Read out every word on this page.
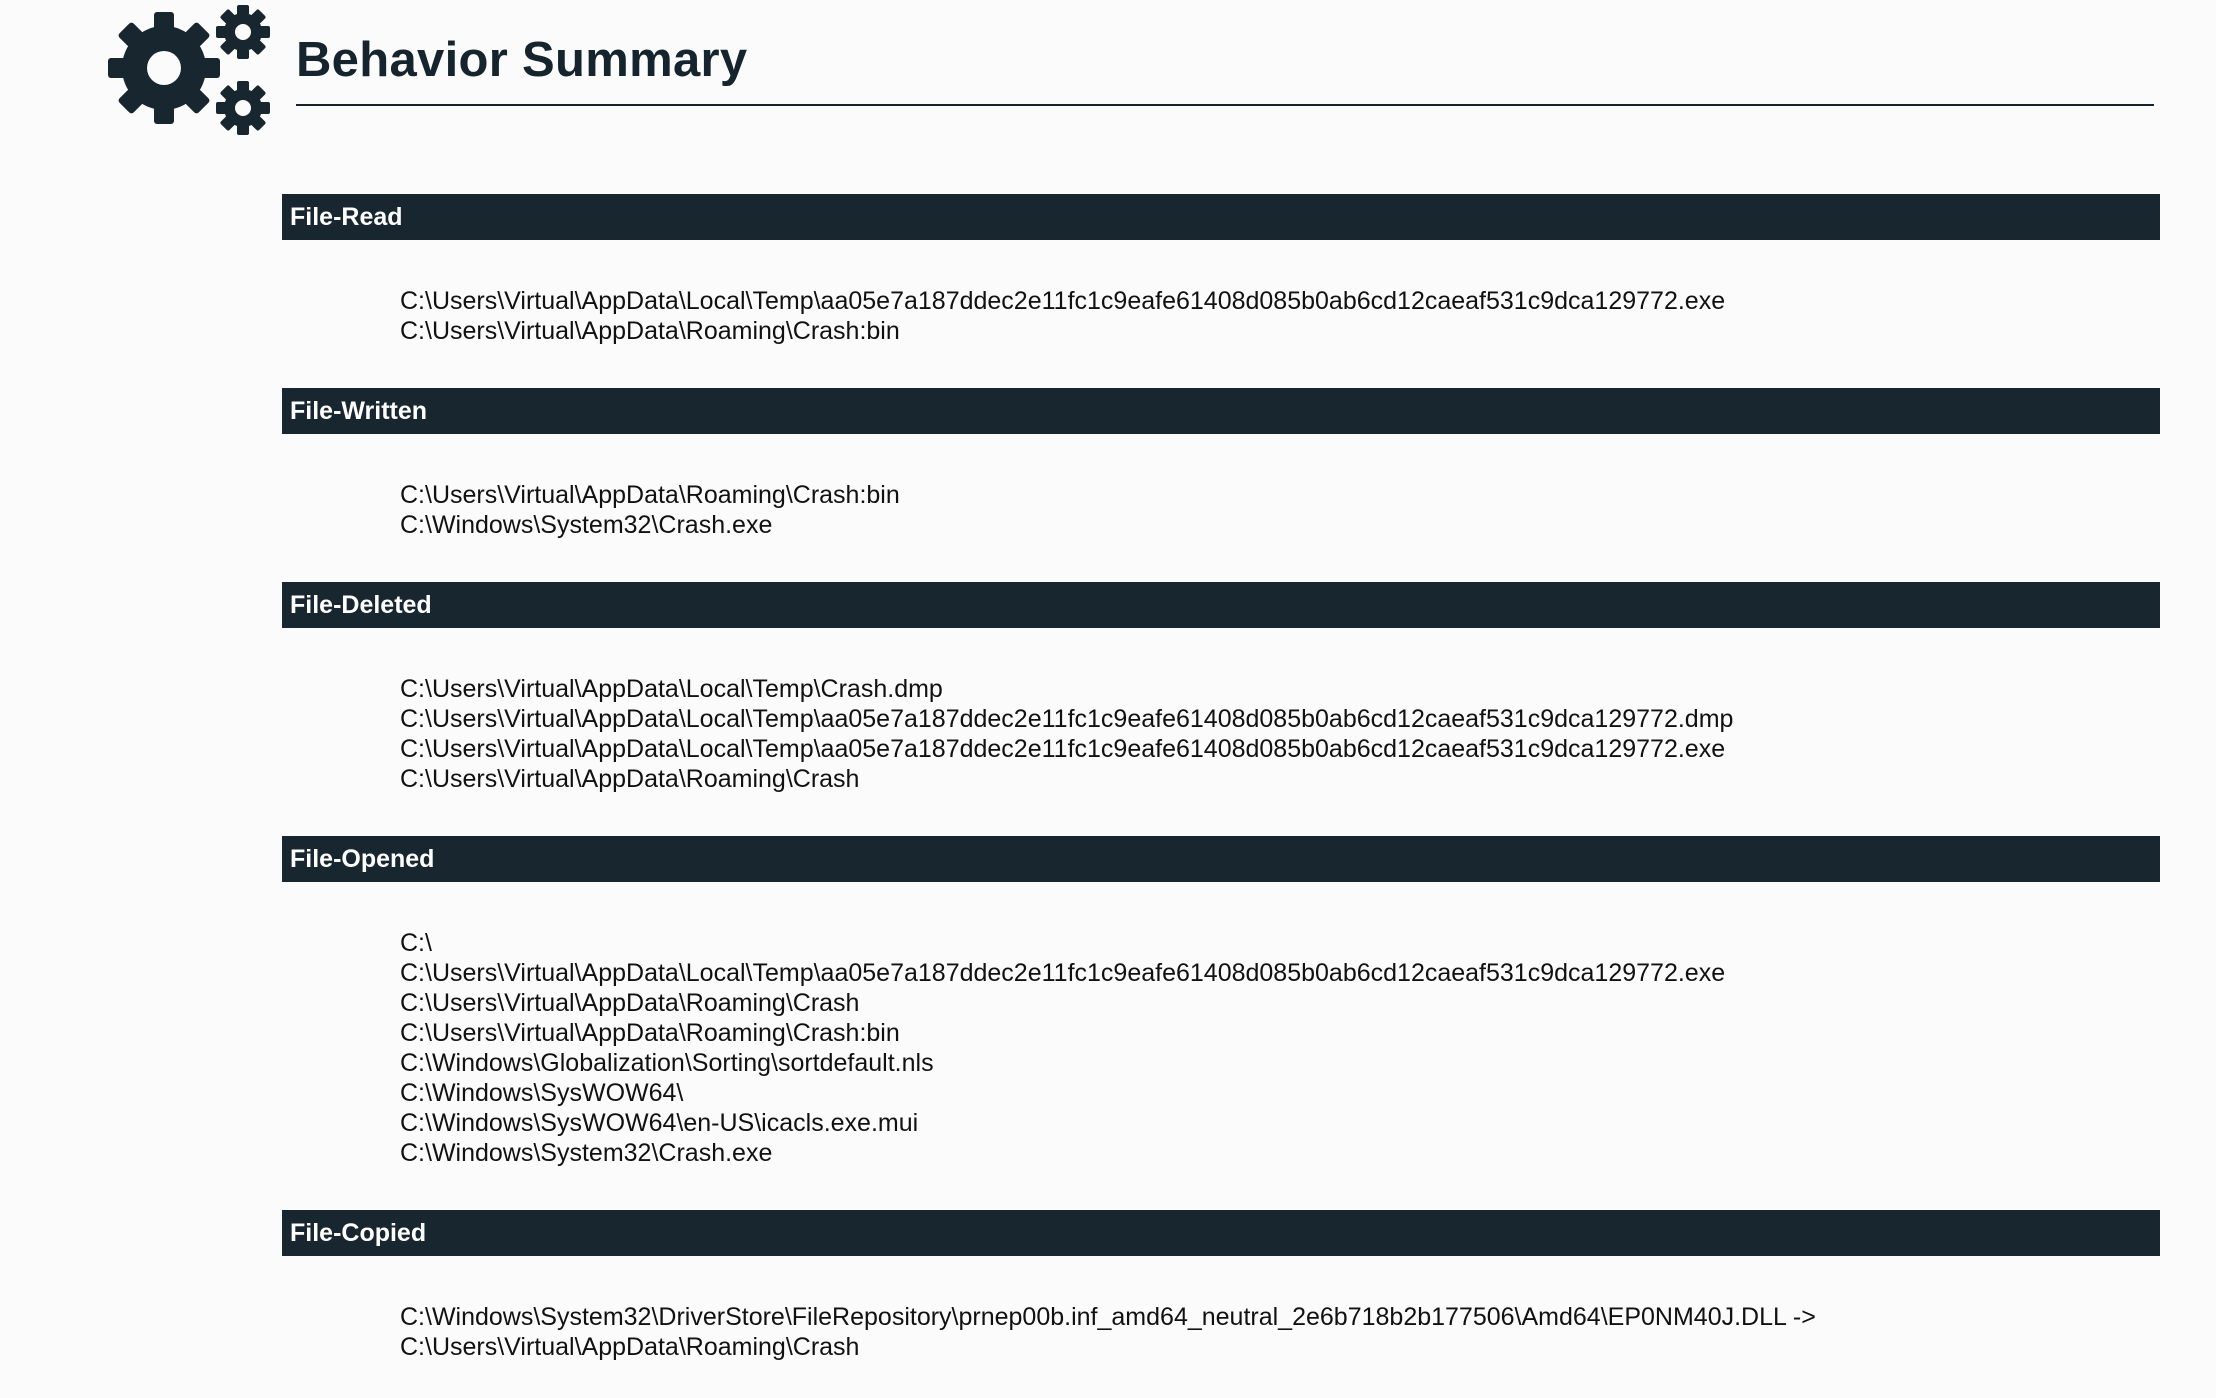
Behavior Summary
File-Read
C:\Users\Virtual\AppData\Local\Temp\aa05e7a187ddec2e11fc1c9eafe61408d085b0ab6cd12caeaf531c9dca129772.exe
C:\Users\Virtual\AppData\Roaming\Crash:bin
File-Written
C:\Users\Virtual\AppData\Roaming\Crash:bin
C:\Windows\System32\Crash.exe
File-Deleted
C:\Users\Virtual\AppData\Local\Temp\Crash.dmp
C:\Users\Virtual\AppData\Local\Temp\aa05e7a187ddec2e11fc1c9eafe61408d085b0ab6cd12caeaf531c9dca129772.dmp
C:\Users\Virtual\AppData\Local\Temp\aa05e7a187ddec2e11fc1c9eafe61408d085b0ab6cd12caeaf531c9dca129772.exe
C:\Users\Virtual\AppData\Roaming\Crash
File-Opened
C:\
C:\Users\Virtual\AppData\Local\Temp\aa05e7a187ddec2e11fc1c9eafe61408d085b0ab6cd12caeaf531c9dca129772.exe
C:\Users\Virtual\AppData\Roaming\Crash
C:\Users\Virtual\AppData\Roaming\Crash:bin
C:\Windows\Globalization\Sorting\sortdefault.nls
C:\Windows\SysWOW64\
C:\Windows\SysWOW64\en-US\icacls.exe.mui
C:\Windows\System32\Crash.exe
File-Copied
C:\Windows\System32\DriverStore\FileRepository\prnep00b.inf_amd64_neutral_2e6b718b2b177506\Amd64\EP0NM40J.DLL ->
C:\Users\Virtual\AppData\Roaming\Crash
